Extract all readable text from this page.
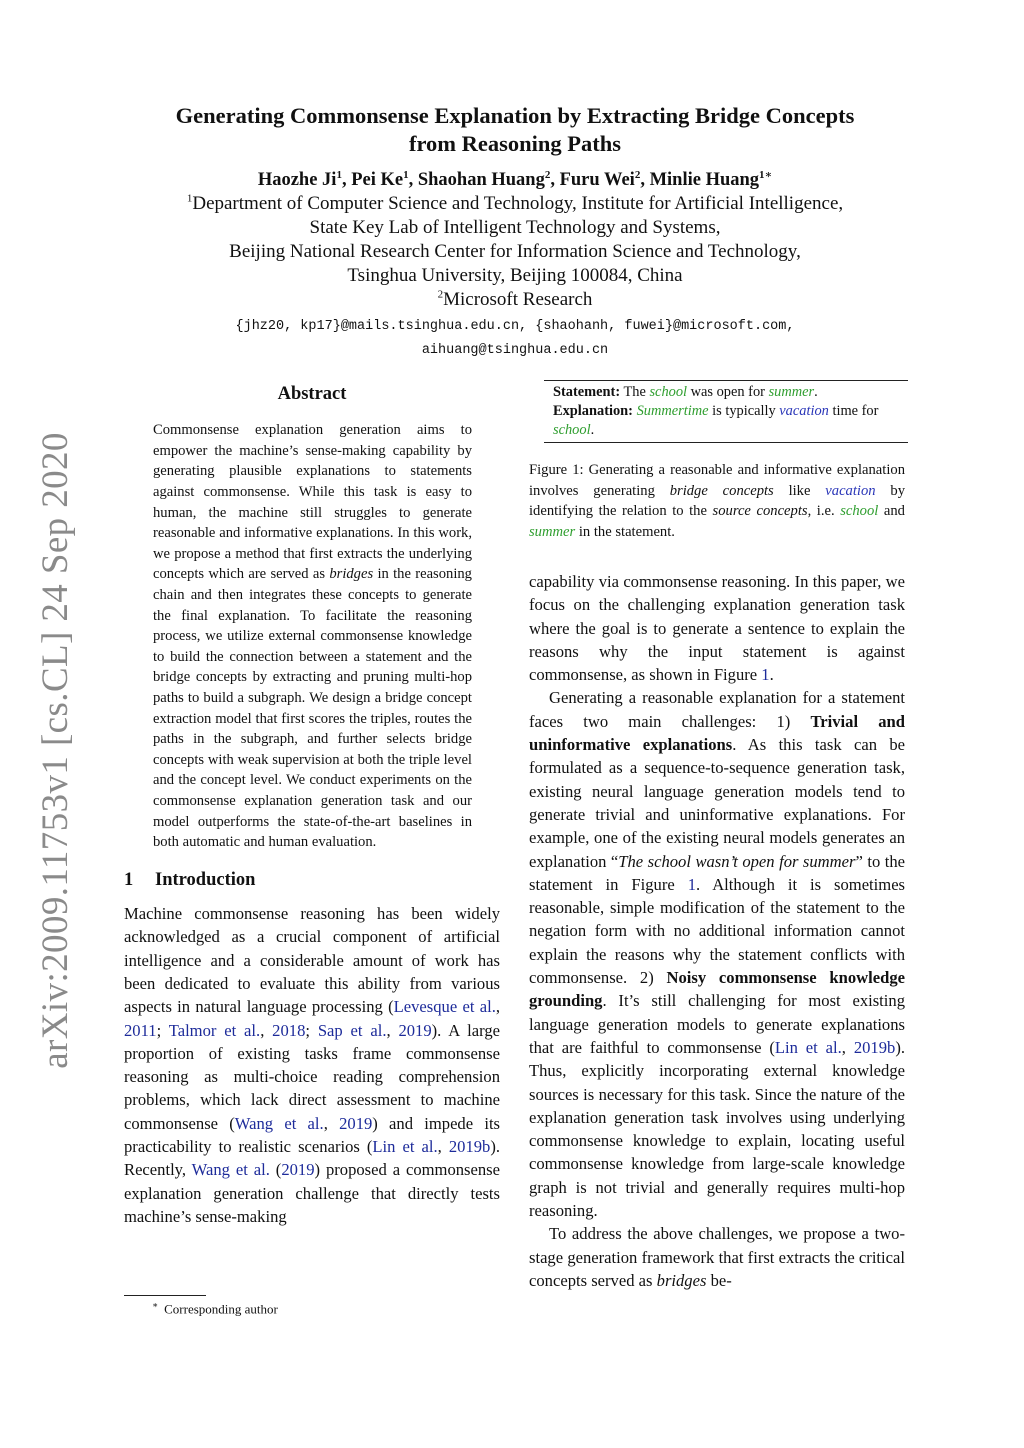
arXiv:2009.11753v1 [cs.CL] 24 Sep 2020
Generating Commonsense Explanation by Extracting Bridge Concepts
from Reasoning Paths
Haozhe Ji$^1$, Pei Ke$^1$, Shaohan Huang$^2$, Furu Wei$^2$, Minlie Huang$^{1∗}$
$^1$Department of Computer Science and Technology, Institute for Artificial Intelligence,
State Key Lab of Intelligent Technology and Systems,
Beijing National Research Center for Information Science and Technology,
Tsinghua University, Beijing 100084, China
$^2$Microsoft Research
{jhz20, kp17}@mails.tsinghua.edu.cn, {shaohanh, fuwei}@microsoft.com,
aihuang@tsinghua.edu.cn
Abstract
Commonsense explanation generation aims to empower the machine’s sense-making capability by generating plausible explanations to statements against commonsense. While this task is easy to human, the machine still struggles to generate reasonable and informative explanations. In this work, we propose a method that first extracts the underlying concepts which are served as bridges in the reasoning chain and then integrates these concepts to generate the final explanation. To facilitate the reasoning process, we utilize external commonsense knowledge to build the connection between a statement and the bridge concepts by extracting and pruning multi-hop paths to build a subgraph. We design a bridge concept extraction model that first scores the triples, routes the paths in the subgraph, and further selects bridge concepts with weak supervision at both the triple level and the concept level. We conduct experiments on the commonsense explanation generation task and our model outperforms the state-of-the-art baselines in both automatic and human evaluation.
1 Introduction

Machine commonsense reasoning has been widely acknowledged as a crucial component of artificial intelligence and a considerable amount of work has been dedicated to evaluate this ability from various aspects in natural language processing (Levesque et al., 2011; Talmor et al., 2018; Sap et al., 2019). A large proportion of existing tasks frame commonsense reasoning as multi-choice reading comprehension problems, which lack direct assessment to machine commonsense (Wang et al., 2019) and impede its practicability to realistic scenarios (Lin et al., 2019b). Recently, Wang et al. (2019) proposed a commonsense explanation generation challenge that directly tests machine’s sense-making

∗ Corresponding author
Statement: The school was open for summer.
Explanation: Summertime is typically vacation time for school.
Figure 1: Generating a reasonable and informative explanation involves generating bridge concepts like vacation by identifying the relation to the source concepts, i.e. school and summer in the statement.

capability via commonsense reasoning. In this paper, we focus on the challenging explanation generation task where the goal is to generate a sentence to explain the reasons why the input statement is against commonsense, as shown in Figure 1.

Generating a reasonable explanation for a statement faces two main challenges: 1) Trivial and uninformative explanations. As this task can be formulated as a sequence-to-sequence generation task, existing neural language generation models tend to generate trivial and uninformative explanations. For example, one of the existing neural models generates an explanation “The school wasn’t open for summer” to the statement in Figure 1. Although it is sometimes reasonable, simple modification of the statement to the negation form with no additional information cannot explain the reasons why the statement conflicts with commonsense. 2) Noisy commonsense knowledge grounding. It’s still challenging for most existing language generation models to generate explanations that are faithful to commonsense (Lin et al., 2019b). Thus, explicitly incorporating external knowledge sources is necessary for this task. Since the nature of the explanation generation task involves using underlying commonsense knowledge to explain, locating useful commonsense knowledge from large-scale knowledge graph is not trivial and generally requires multi-hop reasoning.

To address the above challenges, we propose a two-stage generation framework that first extracts the critical concepts served as bridges be-
